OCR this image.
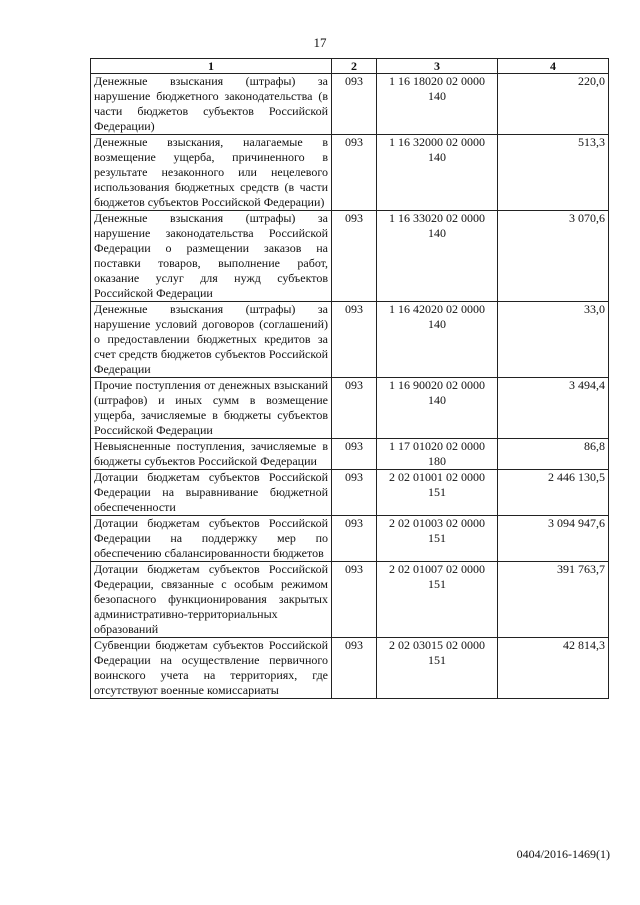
17
1	2	3	4
Денежные взыскания (штрафы) за нарушение бюджетного законодательства (в части бюджетов субъектов Российской Федерации)	093	1 16 18020 02 0000 140	220,0
Денежные взыскания, налагаемые в возмещение ущерба, причиненного в результате незаконного или нецелевого использования бюджетных средств (в части бюджетов субъектов Российской Федерации)	093	1 16 32000 02 0000 140	513,3
Денежные взыскания (штрафы) за нарушение законодательства Российской Федерации о размещении заказов на поставки товаров, выполнение работ, оказание услуг для нужд субъектов Российской Федерации	093	1 16 33020 02 0000 140	3 070,6
Денежные взыскания (штрафы) за нарушение условий договоров (соглашений) о предоставлении бюджетных кредитов за счет средств бюджетов субъектов Российской Федерации	093	1 16 42020 02 0000 140	33,0
Прочие поступления от денежных взысканий (штрафов) и иных сумм в возмещение ущерба, зачисляемые в бюджеты субъектов Российской Федерации	093	1 16 90020 02 0000 140	3 494,4
Невыясненные поступления, зачисляемые в бюджеты субъектов Российской Федерации	093	1 17 01020 02 0000 180	86,8
Дотации бюджетам субъектов Российской Федерации на выравнивание бюджетной обеспеченности	093	2 02 01001 02 0000 151	2 446 130,5
Дотации бюджетам субъектов Российской Федерации на поддержку мер по обеспечению сбалансированности бюджетов	093	2 02 01003 02 0000 151	3 094 947,6
Дотации бюджетам субъектов Российской Федерации, связанные с особым режимом безопасного функционирования закрытых административно-территориальных образований	093	2 02 01007 02 0000 151	391 763,7
Субвенции бюджетам субъектов Российской Федерации на осуществление первичного воинского учета на территориях, где отсутствуют военные комиссариаты	093	2 02 03015 02 0000 151	42 814,3
0404/2016-1469(1)
